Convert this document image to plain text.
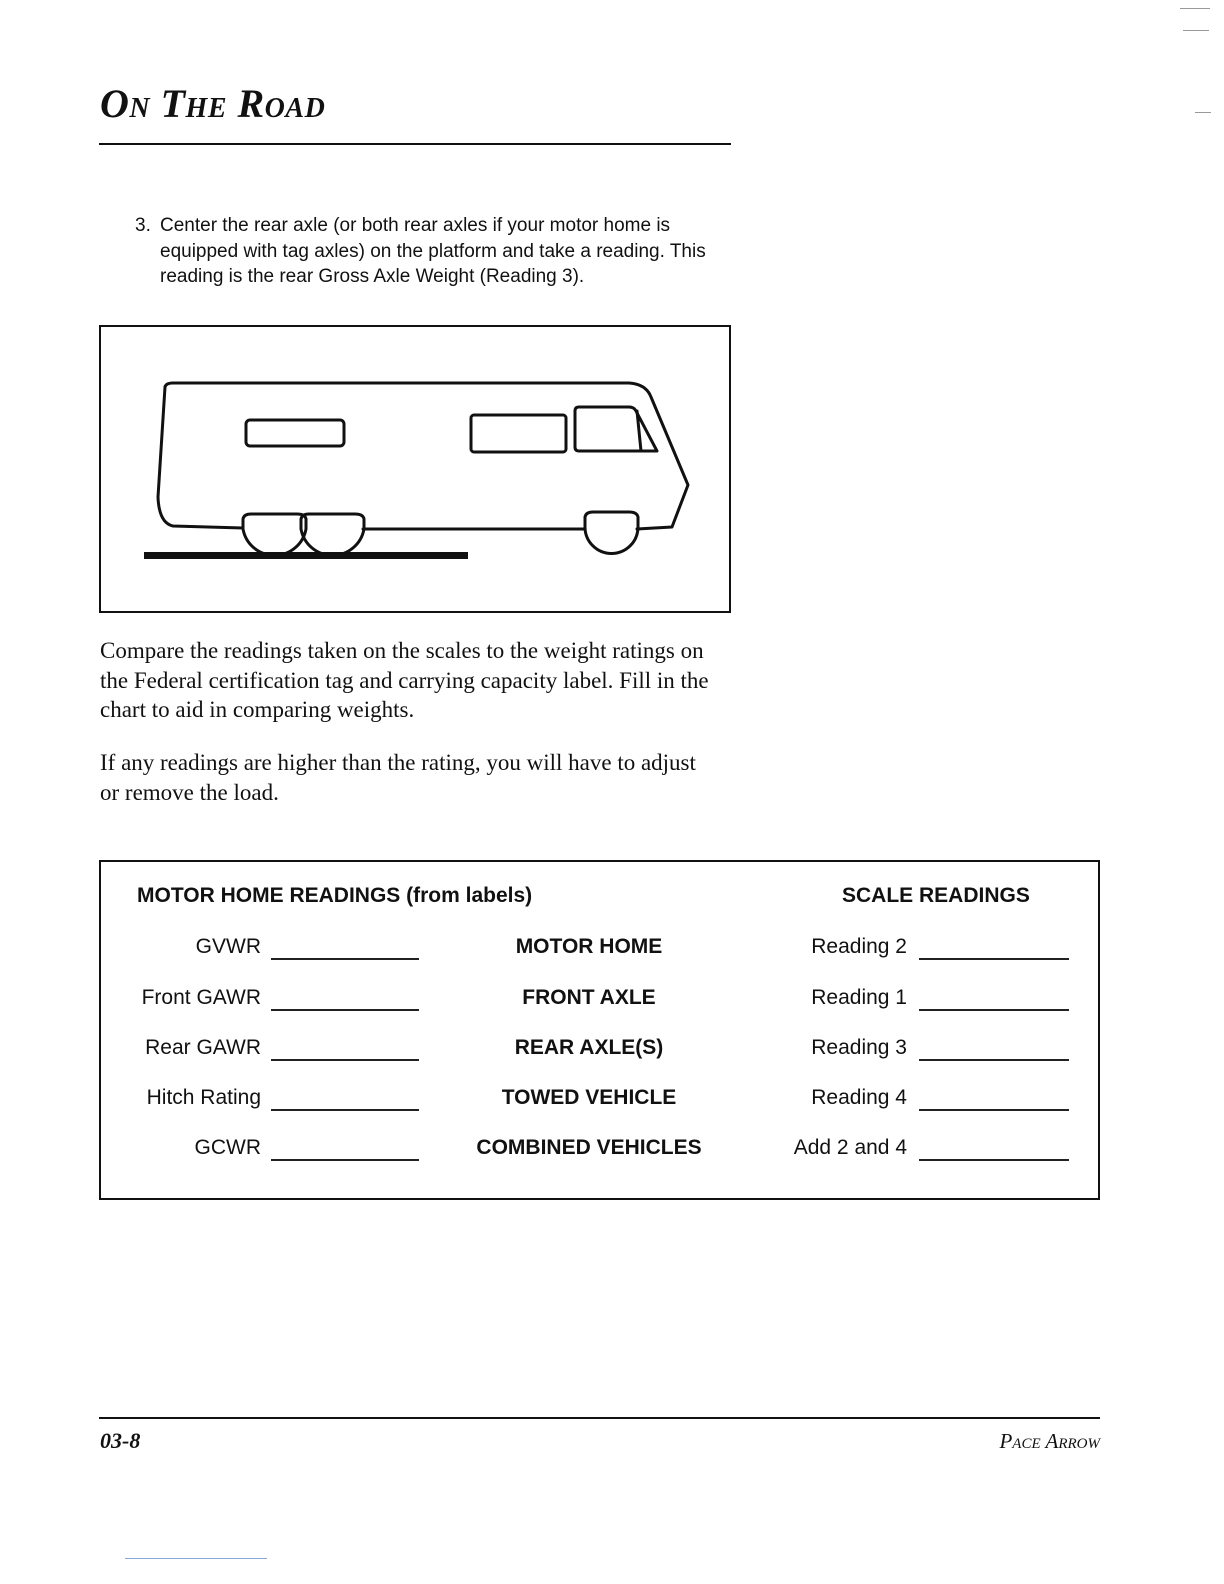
On The Road
3. Center the rear axle (or both rear axles if your motor home is equipped with tag axles) on the platform and take a reading. This reading is the rear Gross Axle Weight (Reading 3).

Compare the readings taken on the scales to the weight ratings on the Federal certification tag and carrying capacity label. Fill in the chart to aid in comparing weights.

If any readings are higher than the rating, you will have to adjust or remove the load.

MOTOR HOME READINGS (from labels)	SCALE READINGS
GVWR	MOTOR HOME	Reading 2
Front GAWR	FRONT AXLE	Reading 1
Rear GAWR	REAR AXLE(S)	Reading 3
Hitch Rating	TOWED VEHICLE	Reading 4
GCWR	COMBINED VEHICLES	Add 2 and 4

03-8	Pace Arrow
